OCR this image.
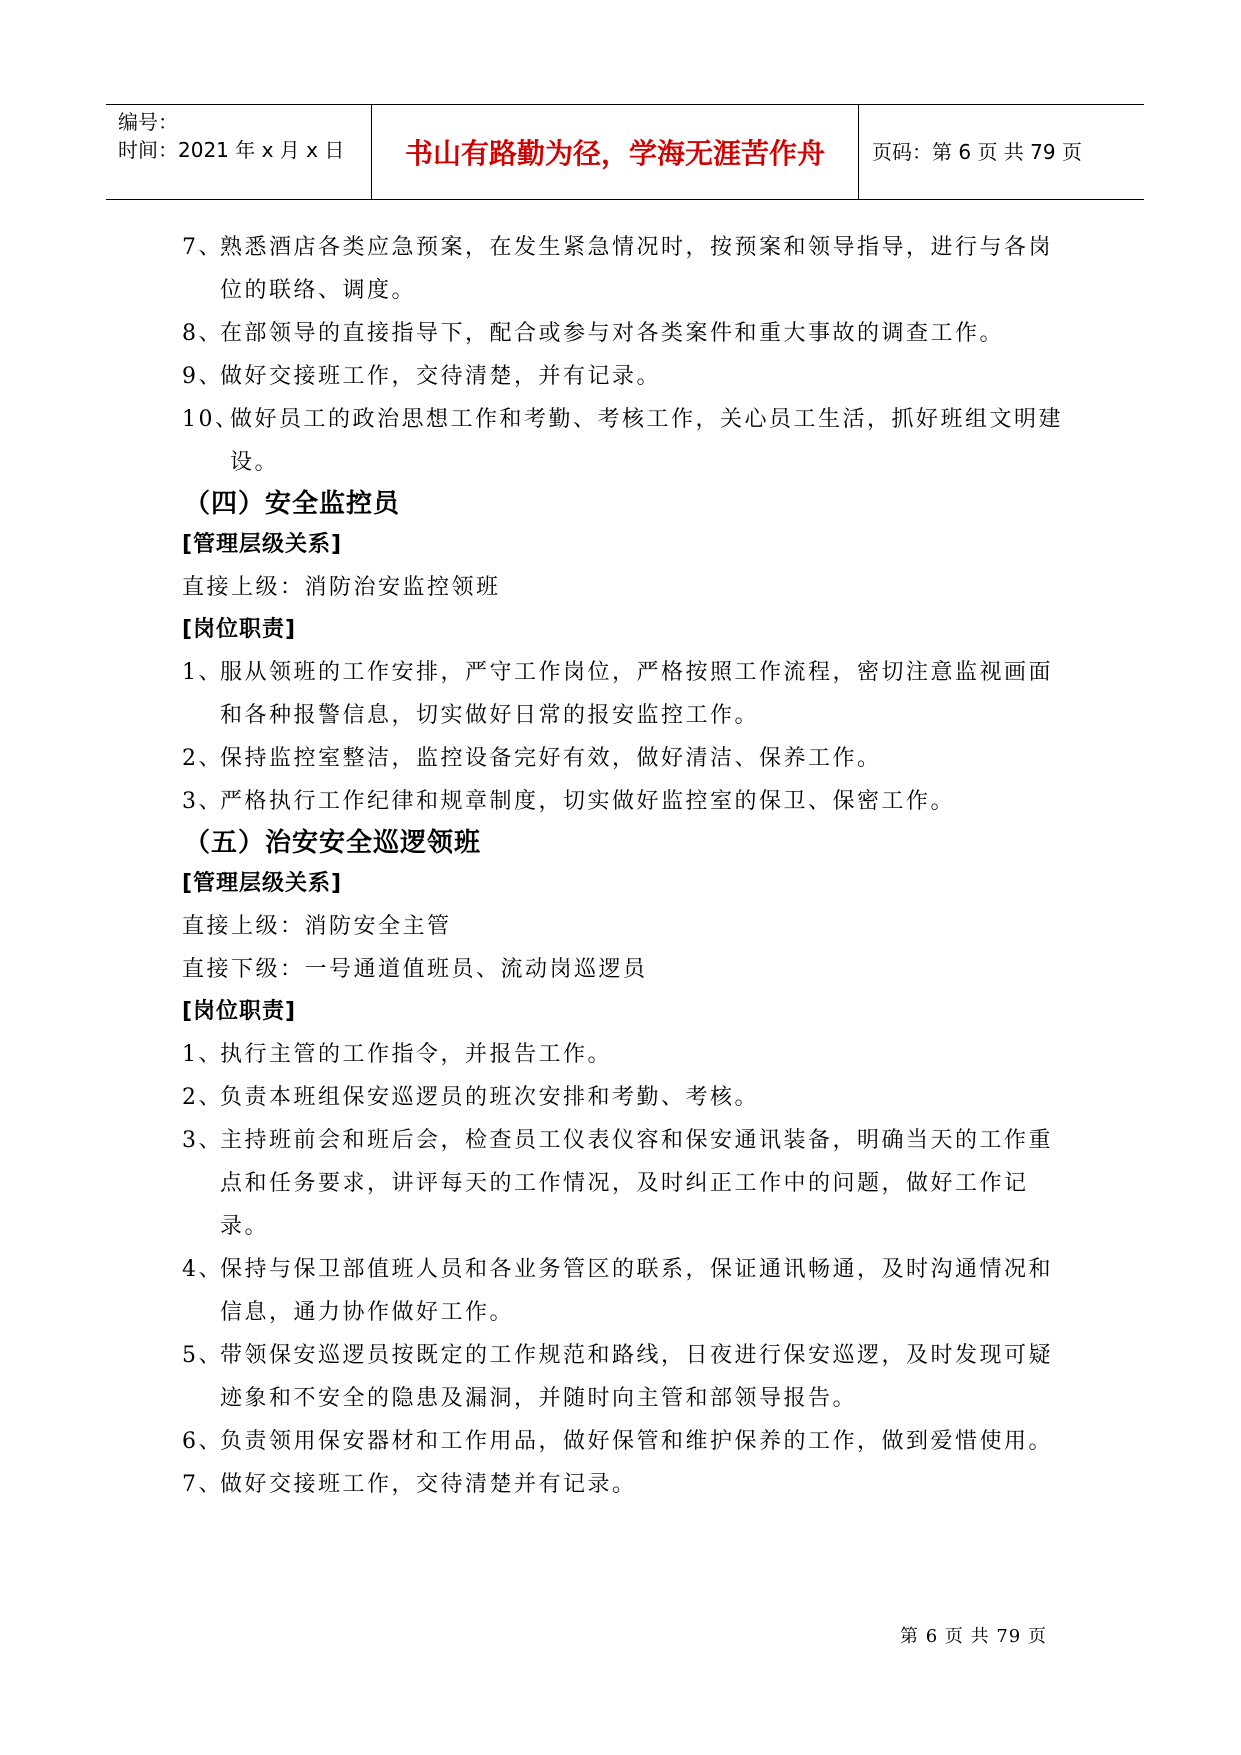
编号：
时间：2021 年 x 月 x 日	书山有路勤为径，学海无涯苦作舟	页码：第 6 页 共 79 页
7、
熟悉酒店各类应急预案，在发生紧急情况时，按预案和领导指导，进行与各岗位的联络、调度。
8、
在部领导的直接指导下，配合或参与对各类案件和重大事故的调查工作。
9、
做好交接班工作，交待清楚，并有记录。
10、
做好员工的政治思想工作和考勤、考核工作，关心员工生活，抓好班组文明建设。
（四）安全监控员
[管理层级关系]
直接上级：消防治安监控领班
[岗位职责]
1、
服从领班的工作安排，严守工作岗位，严格按照工作流程，密切注意监视画面和各种报警信息，切实做好日常的报安监控工作。
2、
保持监控室整洁，监控设备完好有效，做好清洁、保养工作。
3、
严格执行工作纪律和规章制度，切实做好监控室的保卫、保密工作。
（五）治安安全巡逻领班
[管理层级关系]
直接上级：消防安全主管
直接下级：一号通道值班员、流动岗巡逻员
[岗位职责]
1、
执行主管的工作指令，并报告工作。
2、
负责本班组保安巡逻员的班次安排和考勤、考核。
3、
主持班前会和班后会，检查员工仪表仪容和保安通讯装备，明确当天的工作重点和任务要求，讲评每天的工作情况，及时纠正工作中的问题，做好工作记录。
4、
保持与保卫部值班人员和各业务管区的联系，保证通讯畅通，及时沟通情况和信息，通力协作做好工作。
5、
带领保安巡逻员按既定的工作规范和路线，日夜进行保安巡逻，及时发现可疑迹象和不安全的隐患及漏洞，并随时向主管和部领导报告。
6、
负责领用保安器材和工作用品，做好保管和维护保养的工作，做到爱惜使用。
7、
做好交接班工作，交待清楚并有记录。
第 6 页 共 79 页
